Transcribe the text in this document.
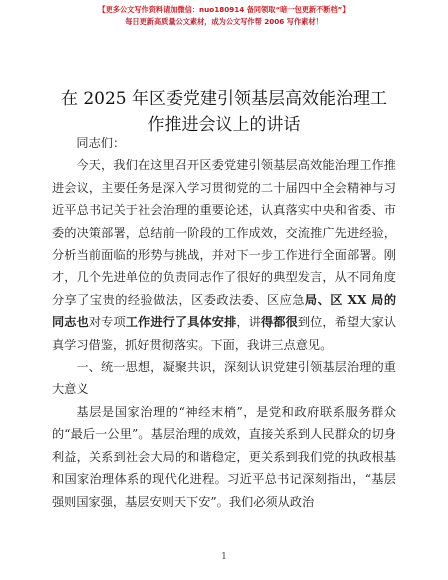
【更多公文写作资料请加微信：nuo180914 备同领取“暗一包更新不断档”】
每日更新高质量公文素材，成为公文写作帮 2006 写作素材！
在 2025 年区委党建引领基层高效能治理工作推进会议上的讲话

同志们：

今天，我们在这里召开区委党建引领基层高效能治理工作推进会议，主要任务是深入学习贯彻党的二十届四中全会精神与习近平总书记关于社会治理的重要论述，认真落实中央和省委、市委的决策部署，总结前一阶段的工作成效，交流推广先进经验，分析当前面临的形势与挑战，并对下一步工作进行全面部署。刚才，几个先进单位的负责同志作了很好的典型发言，从不同角度分享了宝贵的经验做法，区委政法委、区应急局、区 XX 局的同志也对专项工作进行了具体安排，讲得都很到位，希望大家认真学习借鉴，抓好贯彻落实。下面，我讲三点意见。

一、统一思想，凝聚共识，深刻认识党建引领基层治理的重大意义

基层是国家治理的“神经末梢”，是党和政府联系服务群众的“最后一公里”。基层治理的成效，直接关系到人民群众的切身利益，关系到社会大局的和谐稳定，更关系到我们党的执政根基和国家治理体系的现代化进程。习近平总书记深刻指出，“基层强则国家强，基层安则天下安”。我们必须从政治

1
